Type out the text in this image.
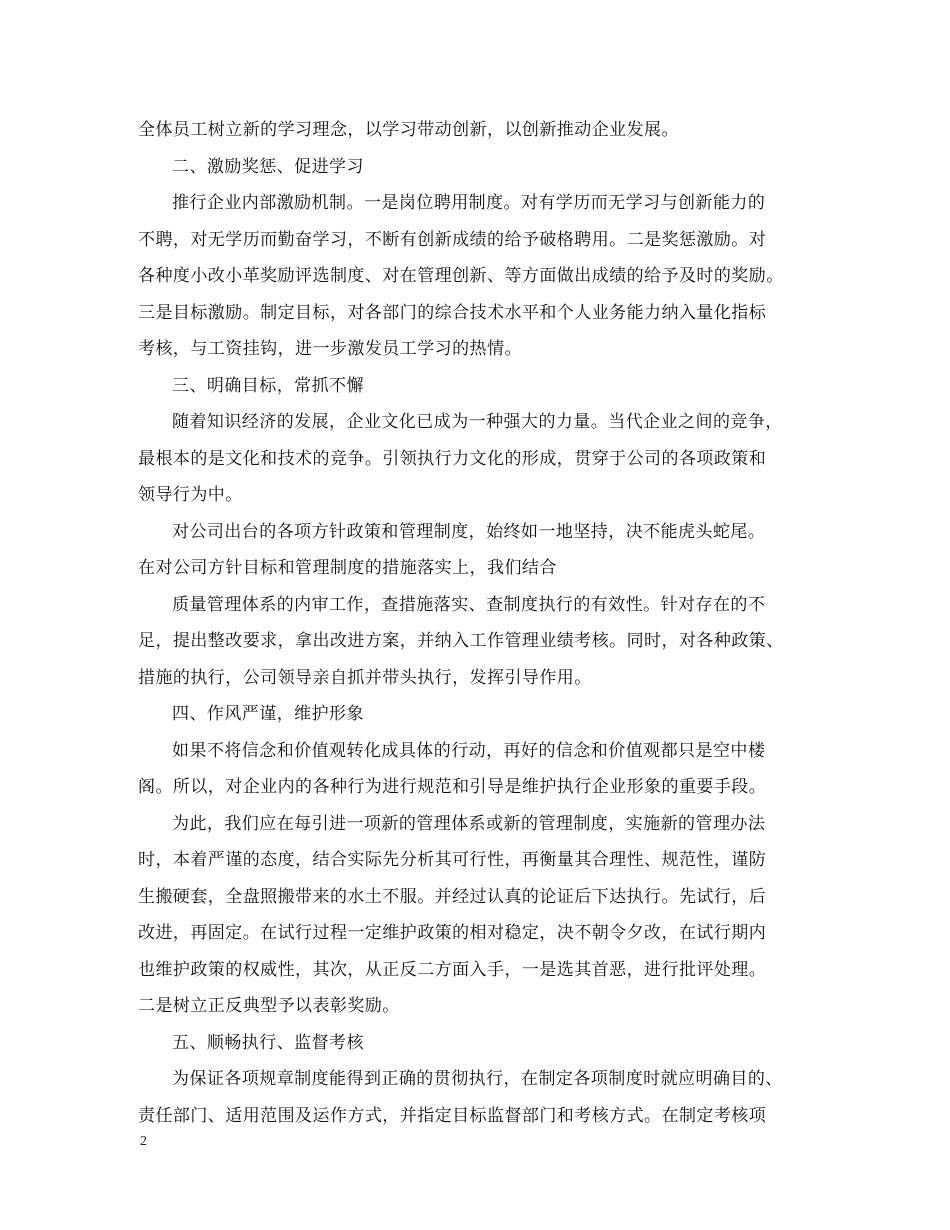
全体员工树立新的学习理念，以学习带动创新，以创新推动企业发展。
二、激励奖惩、促进学习
推行企业内部激励机制。一是岗位聘用制度。对有学历而无学习与创新能力的
不聘，对无学历而勤奋学习，不断有创新成绩的给予破格聘用。二是奖惩激励。对
各种度小改小革奖励评选制度、对在管理创新、等方面做出成绩的给予及时的奖励。
三是目标激励。制定目标，对各部门的综合技术水平和个人业务能力纳入量化指标
考核，与工资挂钩，进一步激发员工学习的热情。
三、明确目标，常抓不懈
随着知识经济的发展，企业文化已成为一种强大的力量。当代企业之间的竞争，
最根本的是文化和技术的竞争。引领执行力文化的形成，贯穿于公司的各项政策和
领导行为中。
对公司出台的各项方针政策和管理制度，始终如一地坚持，决不能虎头蛇尾。
在对公司方针目标和管理制度的措施落实上，我们结合
质量管理体系的内审工作，查措施落实、查制度执行的有效性。针对存在的不
足，提出整改要求，拿出改进方案，并纳入工作管理业绩考核。同时，对各种政策、
措施的执行，公司领导亲自抓并带头执行，发挥引导作用。
四、作风严谨，维护形象
如果不将信念和价值观转化成具体的行动，再好的信念和价值观都只是空中楼
阁。所以，对企业内的各种行为进行规范和引导是维护执行企业形象的重要手段。
为此，我们应在每引进一项新的管理体系或新的管理制度，实施新的管理办法
时，本着严谨的态度，结合实际先分析其可行性，再衡量其合理性、规范性，谨防
生搬硬套，全盘照搬带来的水土不服。并经过认真的论证后下达执行。先试行，后
改进，再固定。在试行过程一定维护政策的相对稳定，决不朝令夕改，在试行期内
也维护政策的权威性，其次，从正反二方面入手，一是选其首恶，进行批评处理。
二是树立正反典型予以表彰奖励。
五、顺畅执行、监督考核
为保证各项规章制度能得到正确的贯彻执行，在制定各项制度时就应明确目的、
责任部门、适用范围及运作方式，并指定目标监督部门和考核方式。在制定考核项
2
